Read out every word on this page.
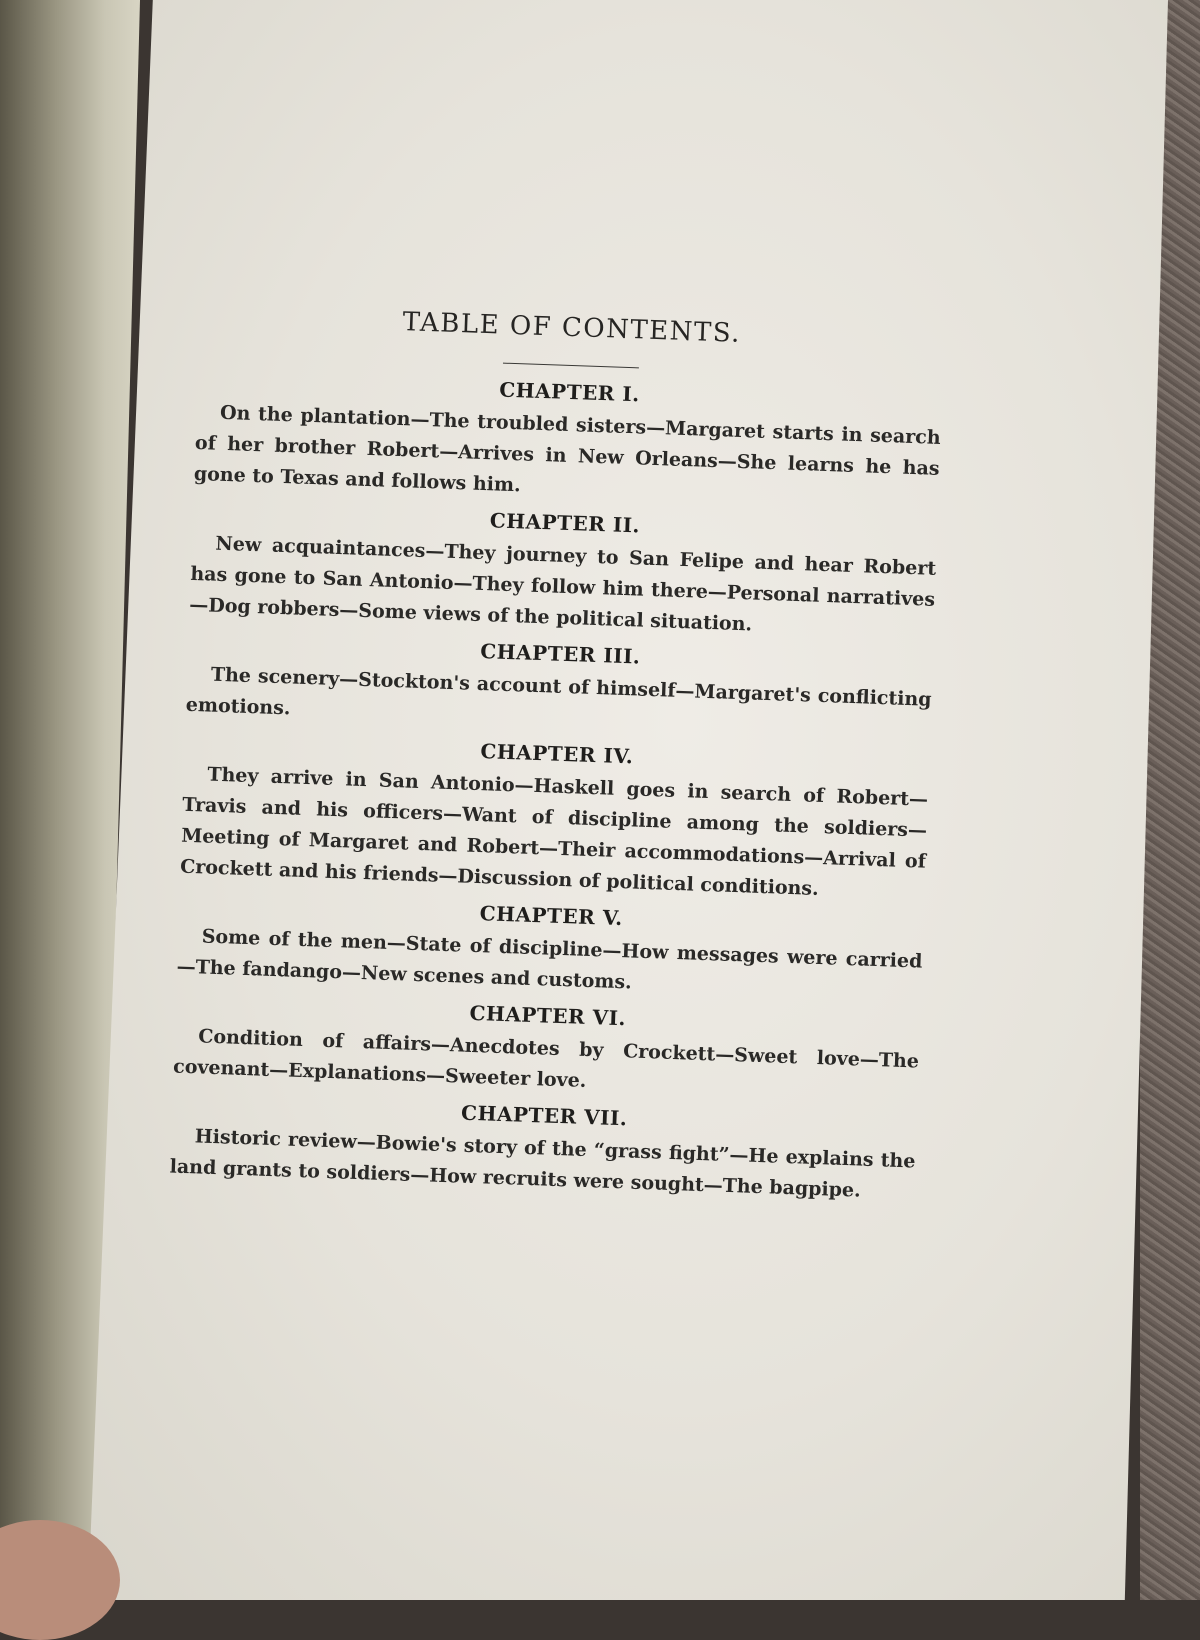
TABLE OF CONTENTS.
CHAPTER I.

On the plantation—The troubled sisters—Margaret starts in search of her brother Robert—Arrives in New Orleans—She learns he has gone to Texas and follows him.

CHAPTER II.

New acquaintances—They journey to San Felipe and hear Robert has gone to San Antonio—They follow him there—Personal narratives—Dog robbers—Some views of the political situation.

CHAPTER III.

The scenery—Stockton's account of himself—Margaret's conflicting emotions.

CHAPTER IV.

They arrive in San Antonio—Haskell goes in search of Robert—Travis and his officers—Want of discipline among the soldiers—Meeting of Margaret and Robert—Their accommodations—Arrival of Crockett and his friends—Discussion of political conditions.

CHAPTER V.

Some of the men—State of discipline—How messages were carried—The fandango—New scenes and customs.

CHAPTER VI.

Condition of affairs—Anecdotes by Crockett—Sweet love—The covenant—Explanations—Sweeter love.

CHAPTER VII.

Historic review—Bowie's story of the “grass fight”—He explains the land grants to soldiers—How recruits were sought—The bagpipe.
